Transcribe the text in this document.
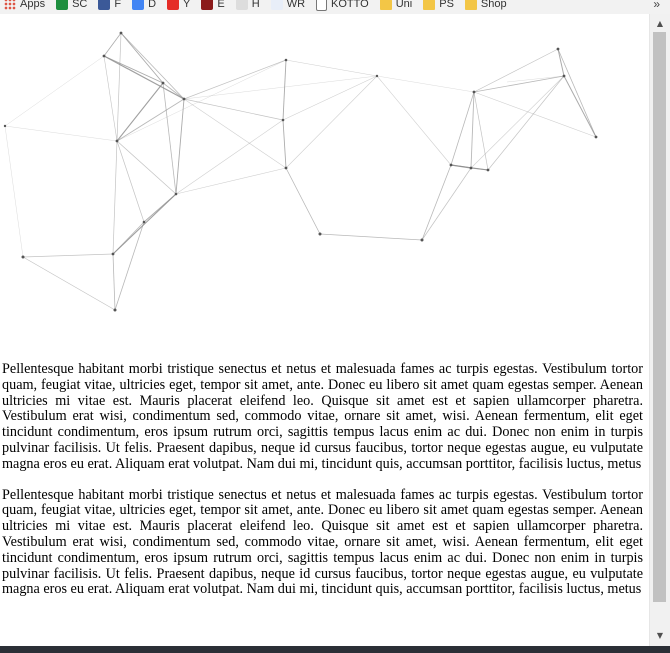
Apps SC F D Y E H WR KOTTO Uni PS Shop	»

Pellentesque habitant morbi tristique senectus et netus et malesuada fames ac turpis egestas. Vestibulum tortor quam, feugiat vitae, ultricies eget, tempor sit amet, ante. Donec eu libero sit amet quam egestas semper. Aenean ultricies mi vitae est. Mauris placerat eleifend leo. Quisque sit amet est et sapien ullamcorper pharetra. Vestibulum erat wisi, condimentum sed, commodo vitae, ornare sit amet, wisi. Aenean fermentum, elit eget tincidunt condimentum, eros ipsum rutrum orci, sagittis tempus lacus enim ac dui. Donec non enim in turpis pulvinar facilisis. Ut felis. Praesent dapibus, neque id cursus faucibus, tortor neque egestas augue, eu vulputate magna eros eu erat. Aliquam erat volutpat. Nam dui mi, tincidunt quis, accumsan porttitor, facilisis luctus, metus

Pellentesque habitant morbi tristique senectus et netus et malesuada fames ac turpis egestas. Vestibulum tortor quam, feugiat vitae, ultricies eget, tempor sit amet, ante. Donec eu libero sit amet quam egestas semper. Aenean ultricies mi vitae est. Mauris placerat eleifend leo. Quisque sit amet est et sapien ullamcorper pharetra. Vestibulum erat wisi, condimentum sed, commodo vitae, ornare sit amet, wisi. Aenean fermentum, elit eget tincidunt condimentum, eros ipsum rutrum orci, sagittis tempus lacus enim ac dui. Donec non enim in turpis pulvinar facilisis. Ut felis. Praesent dapibus, neque id cursus faucibus, tortor neque egestas augue, eu vulputate magna eros eu erat. Aliquam erat volutpat. Nam dui mi, tincidunt quis, accumsan porttitor, facilisis luctus, metus

▲
▼
